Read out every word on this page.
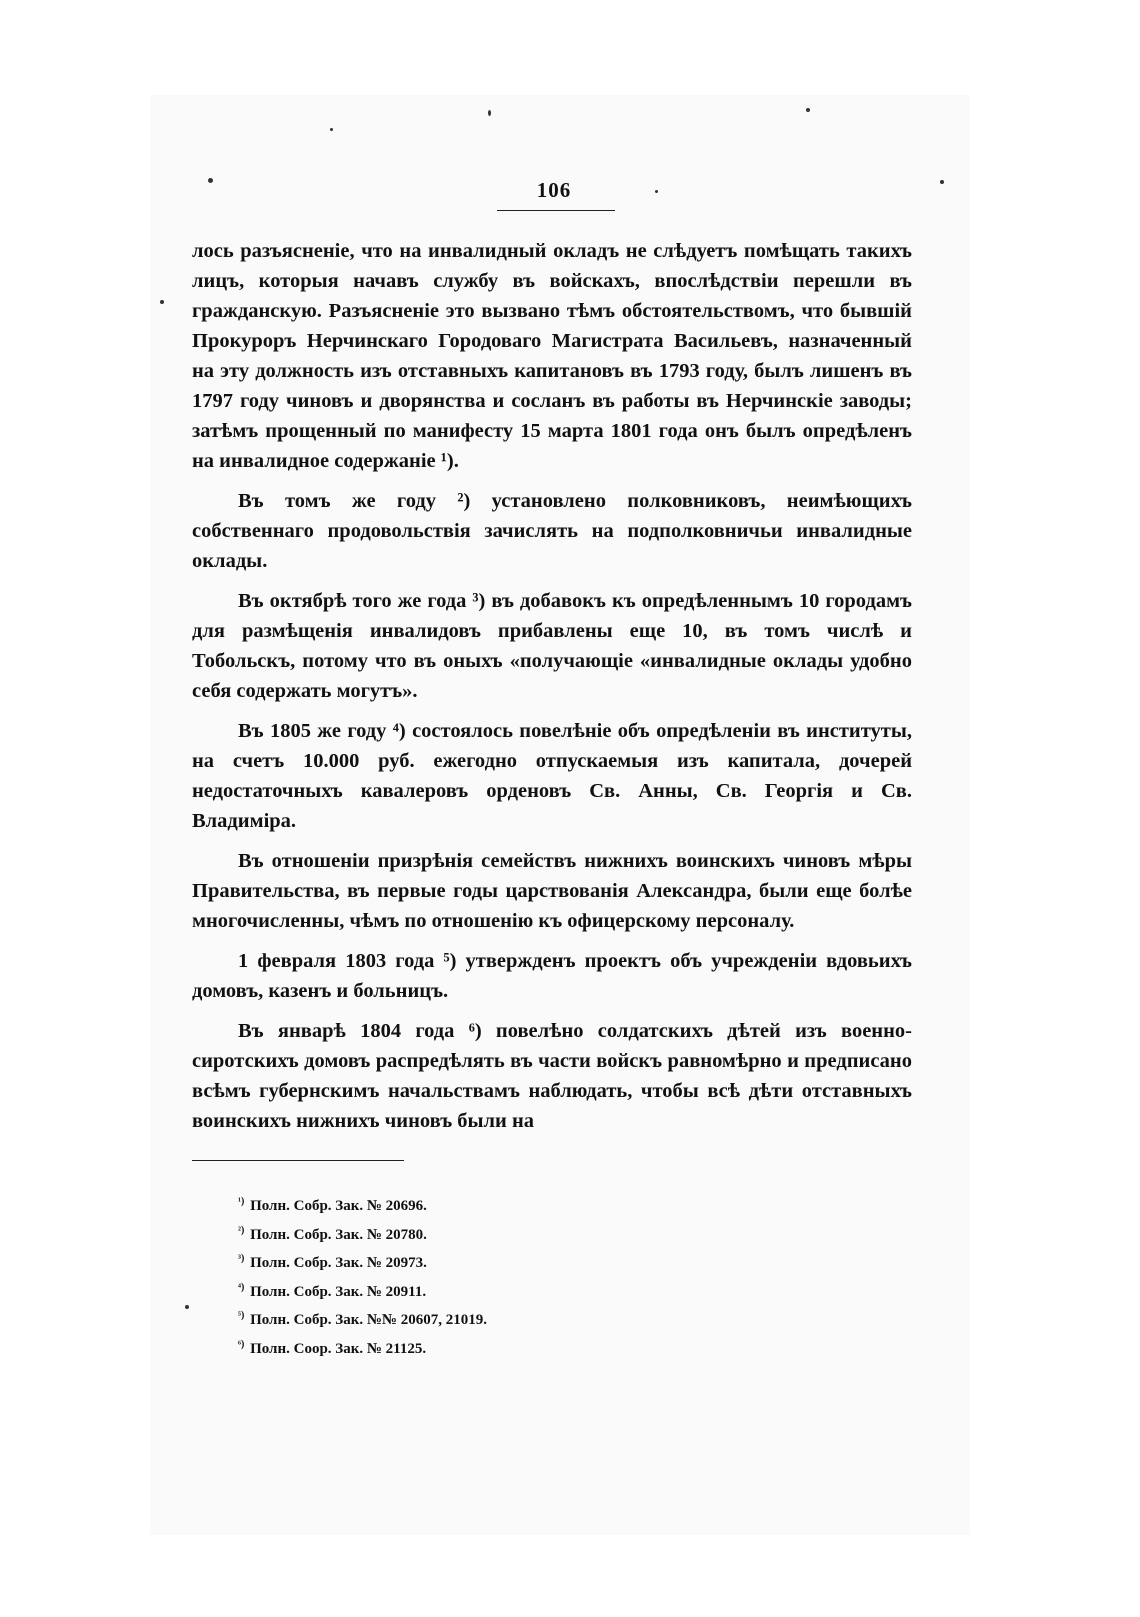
106

лось разъясненіе, что на инвалидный окладъ не слѣдуетъ помѣщать такихъ лицъ, которыя начавъ службу въ войскахъ, впослѣдствіи перешли въ гражданскую. Разъясненіе это вызвано тѣмъ обстоятельствомъ, что бывшій Прокуроръ Нерчинскаго Городоваго Магистрата Васильевъ, назначенный на эту должность изъ отставныхъ капитановъ въ 1793 году, былъ лишенъ въ 1797 году чиновъ и дворянства и сосланъ въ работы въ Нерчинскіе заводы; затѣмъ прощенный по манифесту 15 марта 1801 года онъ былъ опредѣленъ на инвалидное содержаніе ¹).

Въ томъ же году ²) установлено полковниковъ, неимѣющихъ собственнаго продовольствія зачислять на подполковничьи инвалидные оклады.

Въ октябрѣ того же года ³) въ добавокъ къ опредѣленнымъ 10 городамъ для размѣщенія инвалидовъ прибавлены еще 10, въ томъ числѣ и Тобольскъ, потому что въ оныхъ «получающіе «инвалидные оклады удобно себя содержать могутъ».

Въ 1805 же году ⁴) состоялось повелѣніе объ опредѣленіи въ институты, на счетъ 10.000 руб. ежегодно отпускаемыя изъ капитала, дочерей недостаточныхъ кавалеровъ орденовъ Св. Анны, Св. Георгія и Св. Владиміра.

Въ отношеніи призрѣнія семействъ нижнихъ воинскихъ чиновъ мѣры Правительства, въ первые годы царствованія Александра, были еще болѣе многочисленны, чѣмъ по отношенію къ офицерскому персоналу.

1 февраля 1803 года ⁵) утвержденъ проектъ объ учрежденіи вдовьихъ домовъ, казенъ и больницъ.

Въ январѣ 1804 года ⁶) повелѣно солдатскихъ дѣтей изъ военно-сиротскихъ домовъ распредѣлять въ части войскъ равномѣрно и предписано всѣмъ губернскимъ начальствамъ наблюдать, чтобы всѣ дѣти отставныхъ воинскихъ нижнихъ чиновъ были на

$^{^1)}$ Полн. Собр. Зак. № 20696.
$^{^2)}$ Полн. Собр. Зак. № 20780.
$^{^3)}$ Полн. Собр. Зак. № 20973.
$^{^4)}$ Полн. Собр. Зак. № 20911.
$^{^5)}$ Полн. Собр. Зак. №№ 20607, 21019.
$^{^6)}$ Полн. Соор. Зак. № 21125.
